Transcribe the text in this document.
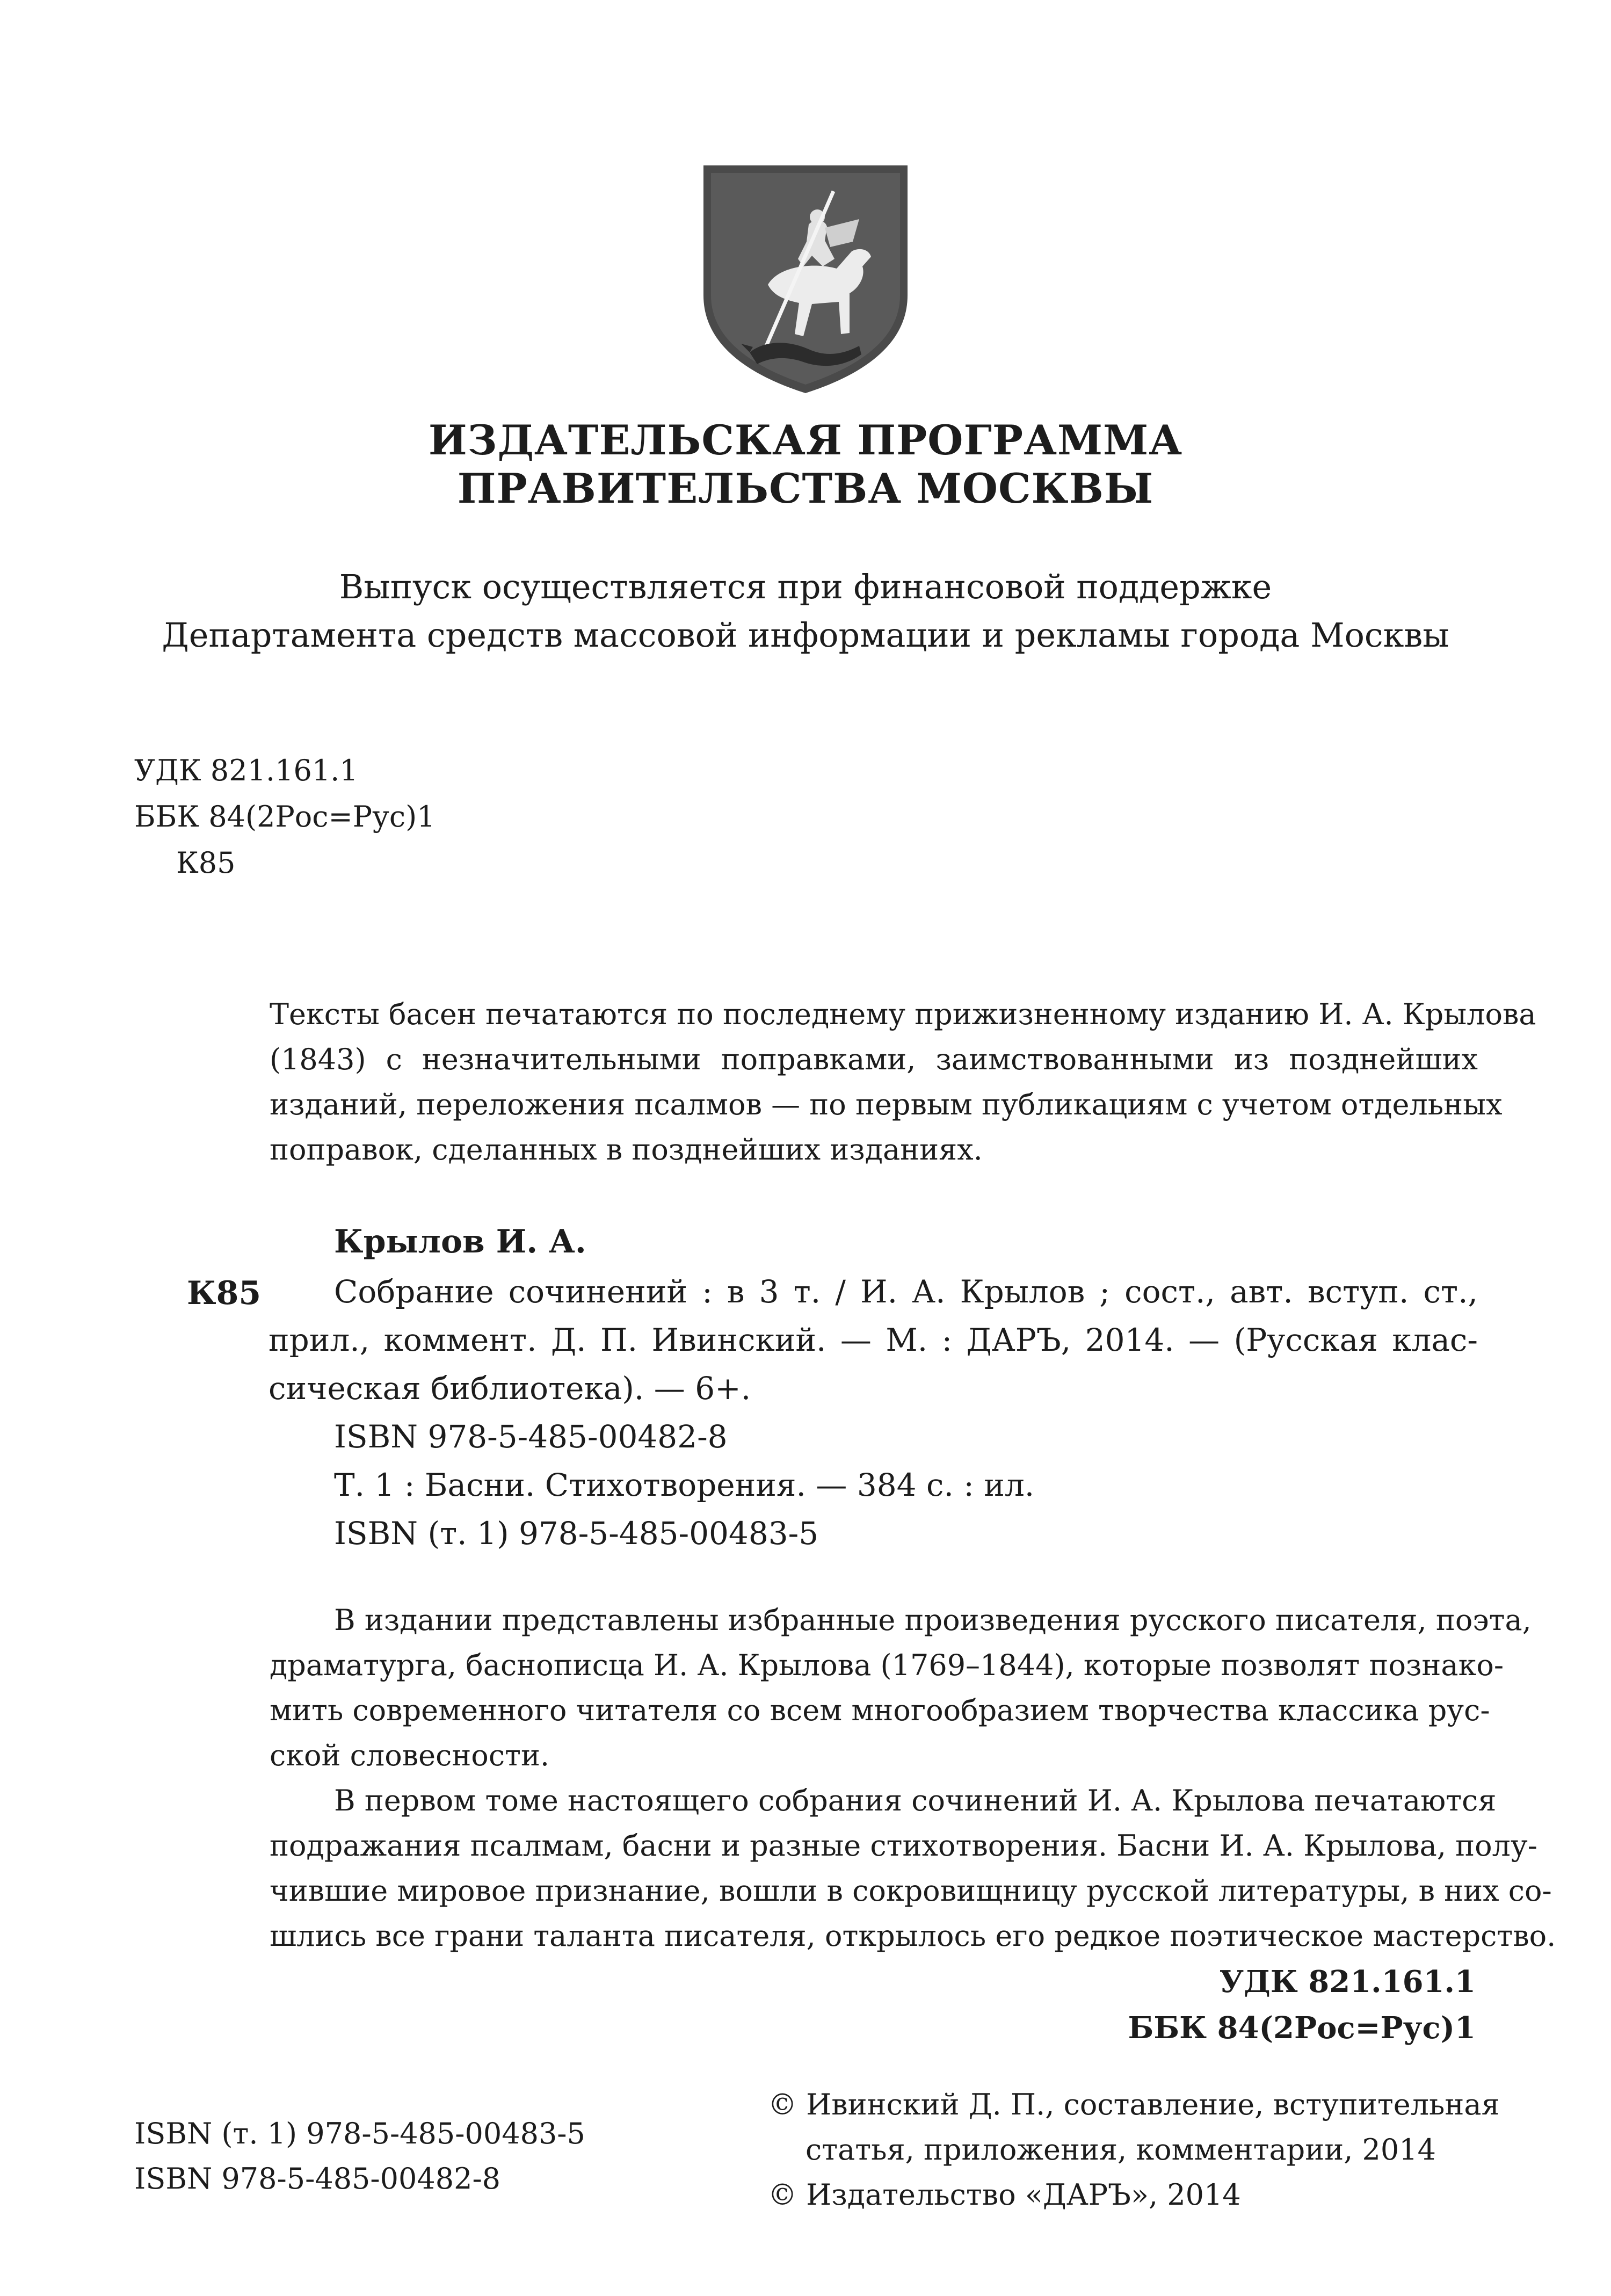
ИЗДАТЕЛЬСКАЯ ПРОГРАММА
ПРАВИТЕЛЬСТВА МОСКВЫ
Выпуск осуществляется при финансовой поддержке
Департамента средств массовой информации и рекламы города Москвы
УДК 821.161.1
ББК 84(2Рос=Рус)1
К85
Тексты басен печатаются по последнему прижизненному изданию И. А. Крылова
(1843) с незначительными поправками, заимствованными из позднейших
изданий, переложения псалмов — по первым публикациям с учетом отдельных
поправок, сделанных в позднейших изданиях.
Крылов И. А.
К85 Собрание сочинений : в 3 т. / И. А. Крылов ; сост., авт. вступ. ст.,
прил., коммент. Д. П. Ивинский. — М. : ДАРЪ, 2014. — (Русская клас-
сическая библиотека). — 6+.
ISBN 978-5-485-00482-8
Т. 1 : Басни. Стихотворения. — 384 с. : ил.
ISBN (т. 1) 978-5-485-00483-5
В издании представлены избранные произведения русского писателя, поэта,
драматурга, баснописца И. А. Крылова (1769–1844), которые позволят познако-
мить современного читателя со всем многообразием творчества классика рус-
ской словесности.
В первом томе настоящего собрания сочинений И. А. Крылова печатаются
подражания псалмам, басни и разные стихотворения. Басни И. А. Крылова, полу-
чившие мировое признание, вошли в сокровищницу русской литературы, в них со-
шлись все грани таланта писателя, открылось его редкое поэтическое мастерство.
УДК 821.161.1
ББК 84(2Рос=Рус)1
ISBN (т. 1) 978-5-485-00483-5
ISBN 978-5-485-00482-8
© Ивинский Д. П., составление, вступительная
статья, приложения, комментарии, 2014
© Издательство «ДАРЪ», 2014
